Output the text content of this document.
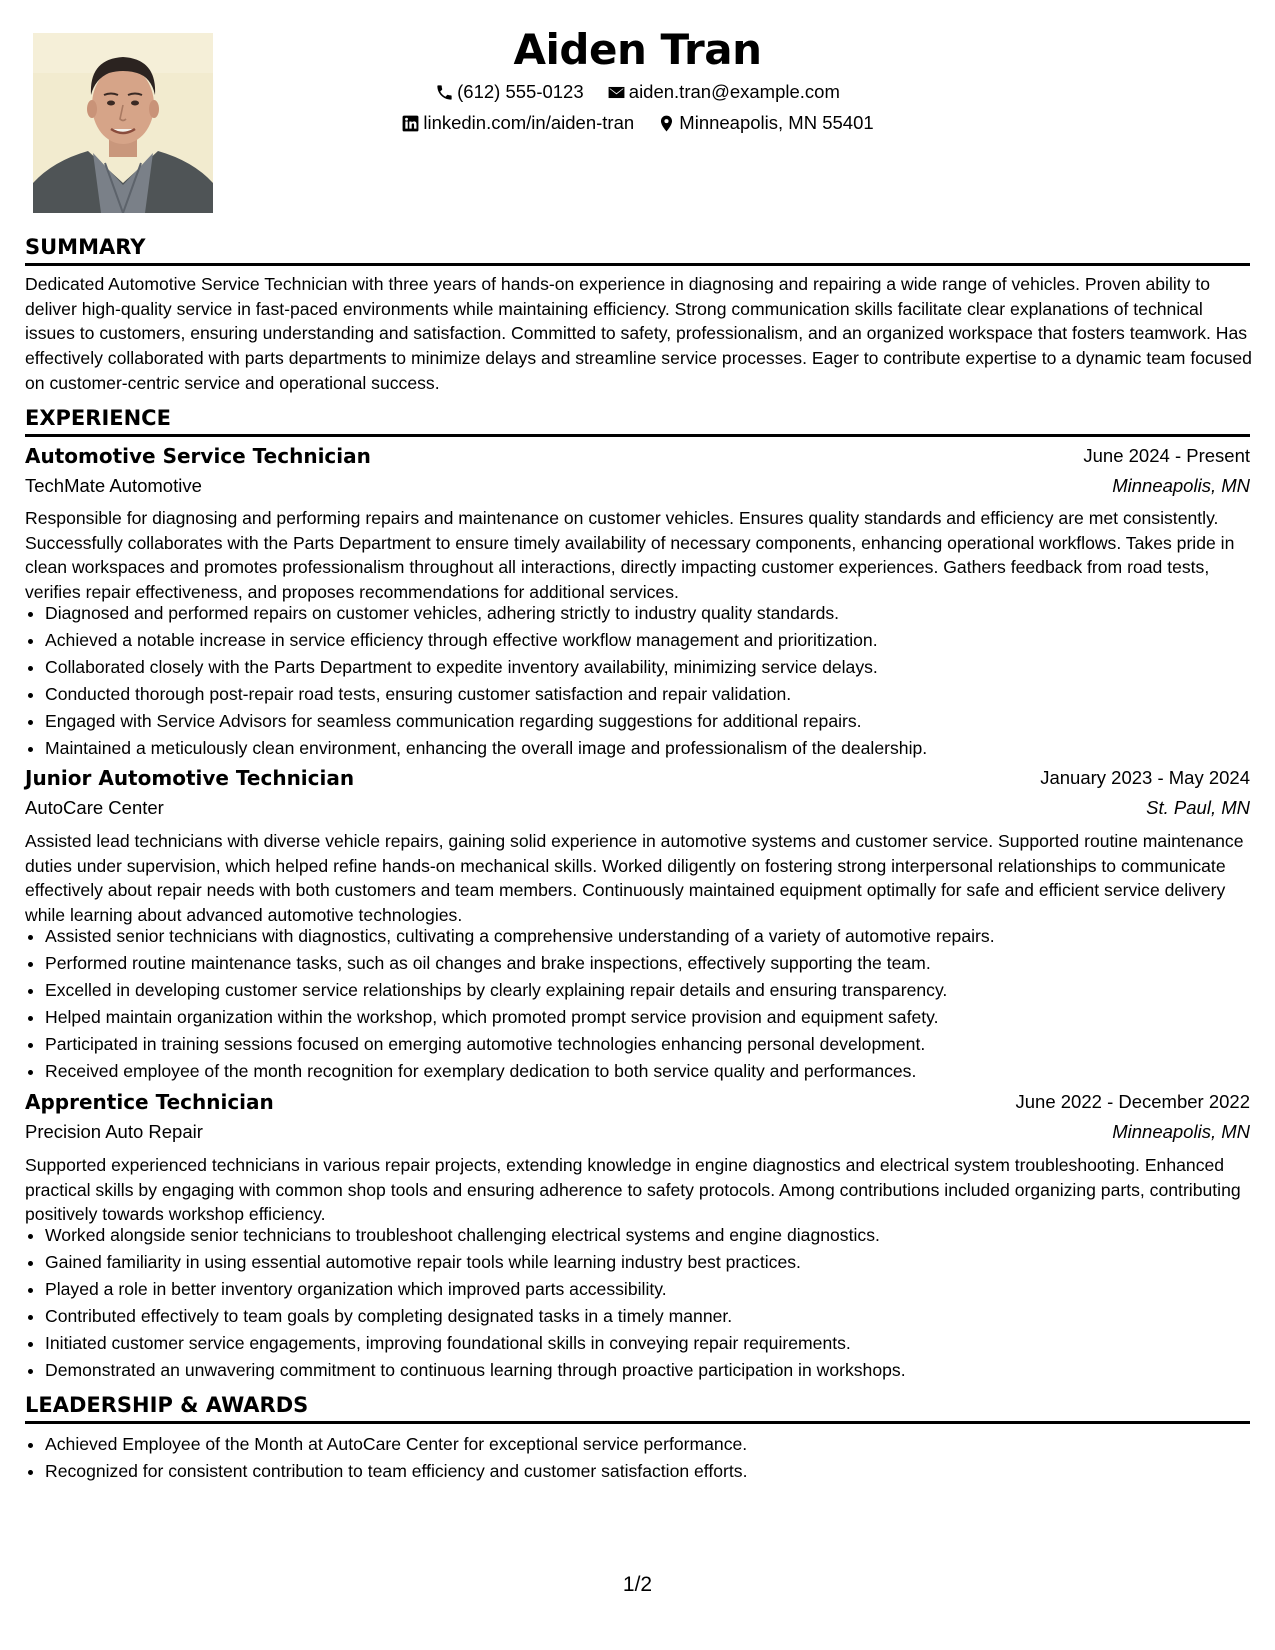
Aiden Tran
(612) 555-0123
aiden.tran@example.com
linkedin.com/in/aiden-tran
Minneapolis, MN 55401
SUMMARY
Dedicated Automotive Service Technician with three years of hands-on experience in diagnosing and repairing a wide range of vehicles. Proven ability to deliver high-quality service in fast-paced environments while maintaining efficiency. Strong communication skills facilitate clear explanations of technical issues to customers, ensuring understanding and satisfaction. Committed to safety, professionalism, and an organized workspace that fosters teamwork. Has effectively collaborated with parts departments to minimize delays and streamline service processes. Eager to contribute expertise to a dynamic team focused on customer-centric service and operational success.
EXPERIENCE
Automotive Service Technician	June 2024 - Present
TechMate Automotive	Minneapolis, MN
Responsible for diagnosing and performing repairs and maintenance on customer vehicles. Ensures quality standards and efficiency are met consistently. Successfully collaborates with the Parts Department to ensure timely availability of necessary components, enhancing operational workflows. Takes pride in clean workspaces and promotes professionalism throughout all interactions, directly impacting customer experiences. Gathers feedback from road tests, verifies repair effectiveness, and proposes recommendations for additional services.
• Diagnosed and performed repairs on customer vehicles, adhering strictly to industry quality standards.
• Achieved a notable increase in service efficiency through effective workflow management and prioritization.
• Collaborated closely with the Parts Department to expedite inventory availability, minimizing service delays.
• Conducted thorough post-repair road tests, ensuring customer satisfaction and repair validation.
• Engaged with Service Advisors for seamless communication regarding suggestions for additional repairs.
• Maintained a meticulously clean environment, enhancing the overall image and professionalism of the dealership.
Junior Automotive Technician	January 2023 - May 2024
AutoCare Center	St. Paul, MN
Assisted lead technicians with diverse vehicle repairs, gaining solid experience in automotive systems and customer service. Supported routine maintenance duties under supervision, which helped refine hands-on mechanical skills. Worked diligently on fostering strong interpersonal relationships to communicate effectively about repair needs with both customers and team members. Continuously maintained equipment optimally for safe and efficient service delivery while learning about advanced automotive technologies.
• Assisted senior technicians with diagnostics, cultivating a comprehensive understanding of a variety of automotive repairs.
• Performed routine maintenance tasks, such as oil changes and brake inspections, effectively supporting the team.
• Excelled in developing customer service relationships by clearly explaining repair details and ensuring transparency.
• Helped maintain organization within the workshop, which promoted prompt service provision and equipment safety.
• Participated in training sessions focused on emerging automotive technologies enhancing personal development.
• Received employee of the month recognition for exemplary dedication to both service quality and performances.
Apprentice Technician	June 2022 - December 2022
Precision Auto Repair	Minneapolis, MN
Supported experienced technicians in various repair projects, extending knowledge in engine diagnostics and electrical system troubleshooting. Enhanced practical skills by engaging with common shop tools and ensuring adherence to safety protocols. Among contributions included organizing parts, contributing positively towards workshop efficiency.
• Worked alongside senior technicians to troubleshoot challenging electrical systems and engine diagnostics.
• Gained familiarity in using essential automotive repair tools while learning industry best practices.
• Played a role in better inventory organization which improved parts accessibility.
• Contributed effectively to team goals by completing designated tasks in a timely manner.
• Initiated customer service engagements, improving foundational skills in conveying repair requirements.
• Demonstrated an unwavering commitment to continuous learning through proactive participation in workshops.
LEADERSHIP & AWARDS
• Achieved Employee of the Month at AutoCare Center for exceptional service performance.
• Recognized for consistent contribution to team efficiency and customer satisfaction efforts.
1/2
